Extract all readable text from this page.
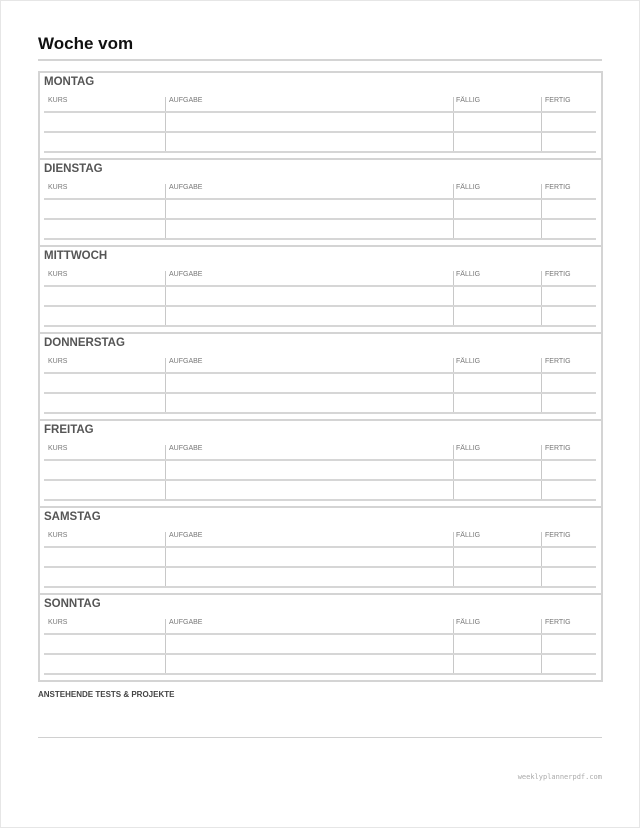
Woche vom
MONTAG
KURS	AUFGABE	FÄLLIG	FERTIG
DIENSTAG
KURS	AUFGABE	FÄLLIG	FERTIG
MITTWOCH
KURS	AUFGABE	FÄLLIG	FERTIG
DONNERSTAG
KURS	AUFGABE	FÄLLIG	FERTIG
FREITAG
KURS	AUFGABE	FÄLLIG	FERTIG
SAMSTAG
KURS	AUFGABE	FÄLLIG	FERTIG
SONNTAG
KURS	AUFGABE	FÄLLIG	FERTIG
ANSTEHENDE TESTS & PROJEKTE
weeklyplannerpdf.com
